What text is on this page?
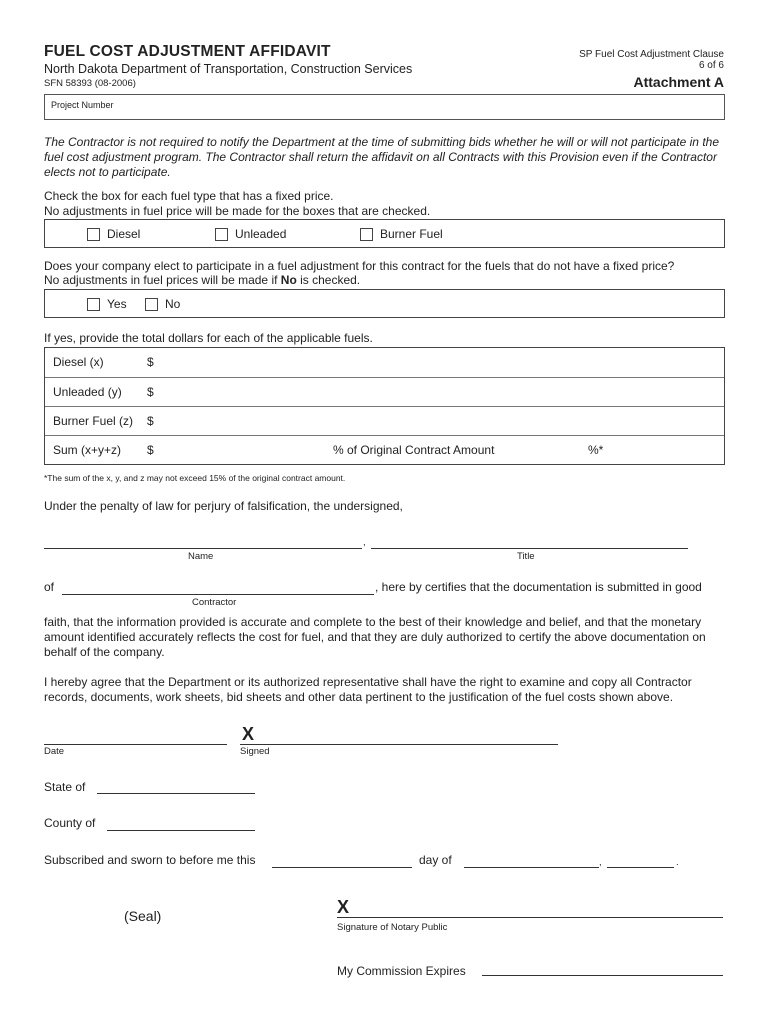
FUEL COST ADJUSTMENT AFFIDAVIT
North Dakota Department of Transportation, Construction Services
SFN 58393 (08-2006)
SP Fuel Cost Adjustment Clause
6 of 6
Attachment A
Project Number
The Contractor is not required to notify the Department at the time of submitting bids whether he will or will not participate in the fuel cost adjustment program. The Contractor shall return the affidavit on all Contracts with this Provision even if the Contractor elects not to participate.
Check the box for each fuel type that has a fixed price.
No adjustments in fuel price will be made for the boxes that are checked.
Diesel	Unleaded	Burner Fuel
Does your company elect to participate in a fuel adjustment for this contract for the fuels that do not have a fixed price?
No adjustments in fuel prices will be made if No is checked.
Yes	No
If yes, provide the total dollars for each of the applicable fuels.
Diesel (x)	$
Unleaded (y) $
Burner Fuel (z) $
Sum (x+y+z) $	% of Original Contract Amount	%*
*The sum of the x, y, and z may not exceed 15% of the original contract amount.
Under the penalty of law for perjury of falsification, the undersigned,
,
Name	Title
of	, here by certifies that the documentation is submitted in good
Contractor
faith, that the information provided is accurate and complete to the best of their knowledge and belief, and that the monetary amount identified accurately reflects the cost for fuel, and that they are duly authorized to certify the above documentation on behalf of the company.
I hereby agree that the Department or its authorized representative shall have the right to examine and copy all Contractor records, documents, work sheets, bid sheets and other data pertinent to the justification of the fuel costs shown above.
Date
X
Signed
State of
County of
Subscribed and sworn to before me this	day of	,	.
(Seal)	X
Signature of Notary Public
My Commission Expires
